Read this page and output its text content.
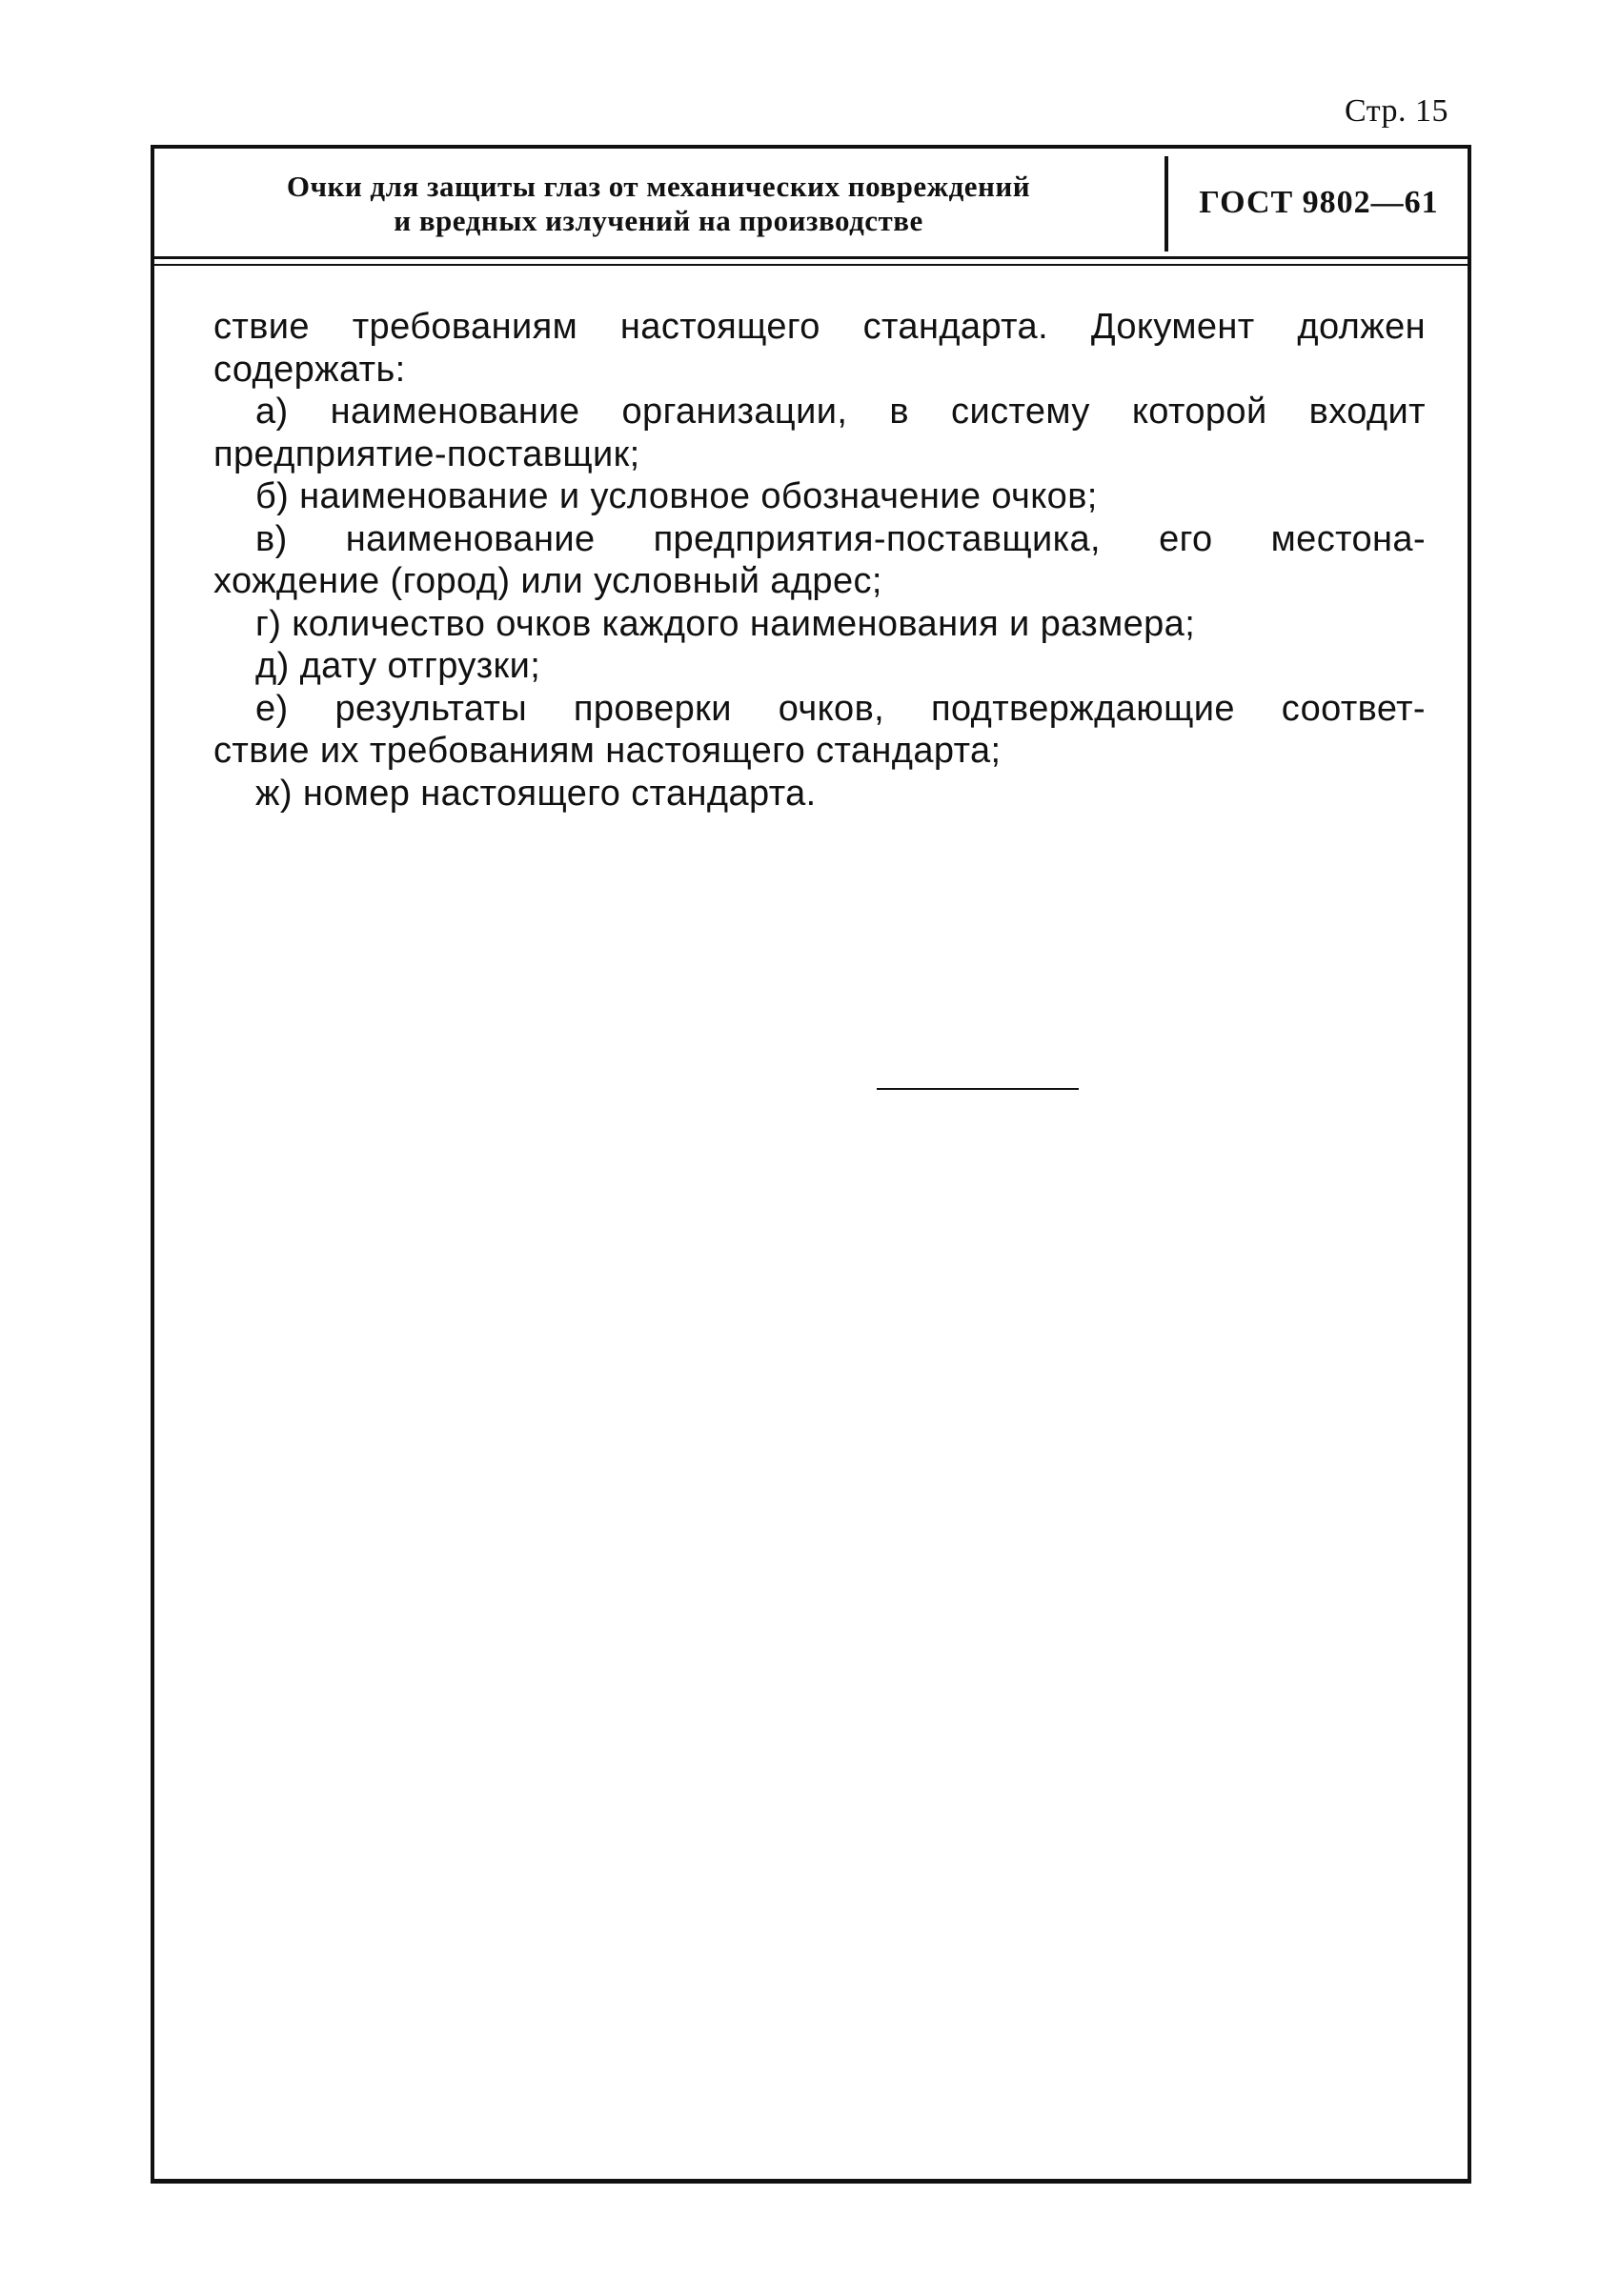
Стр. 15
Очки для защиты глаз от механических повреждений
и вредных излучений на производстве
ГОСТ 9802—61
ствие требованиям настоящего стандарта. Документ должен
содержать:
а) наименование организации, в систему которой входит
предприятие-поставщик;
б) наименование и условное обозначение очков;
в) наименование предприятия-поставщика, его местона-
хождение (город) или условный адрес;
г) количество очков каждого наименования и размера;
д) дату отгрузки;
е) результаты проверки очков, подтверждающие соответ-
ствие их требованиям настоящего стандарта;
ж) номер настоящего стандарта.
